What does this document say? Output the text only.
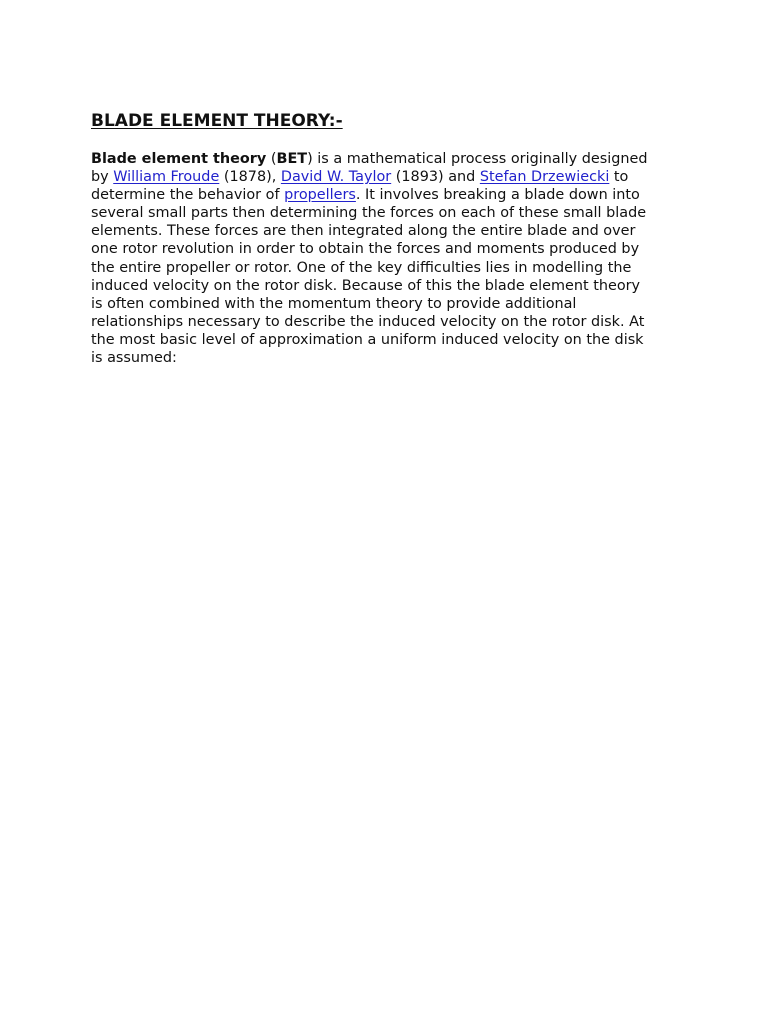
BLADE ELEMENT THEORY:-

Blade element theory (BET) is a mathematical process originally designed
by William Froude (1878), David W. Taylor (1893) and Stefan Drzewiecki to
determine the behavior of propellers. It involves breaking a blade down into
several small parts then determining the forces on each of these small blade
elements. These forces are then integrated along the entire blade and over
one rotor revolution in order to obtain the forces and moments produced by
the entire propeller or rotor. One of the key difficulties lies in modelling the
induced velocity on the rotor disk. Because of this the blade element theory
is often combined with the momentum theory to provide additional
relationships necessary to describe the induced velocity on the rotor disk. At
the most basic level of approximation a uniform induced velocity on the disk
is assumed:
